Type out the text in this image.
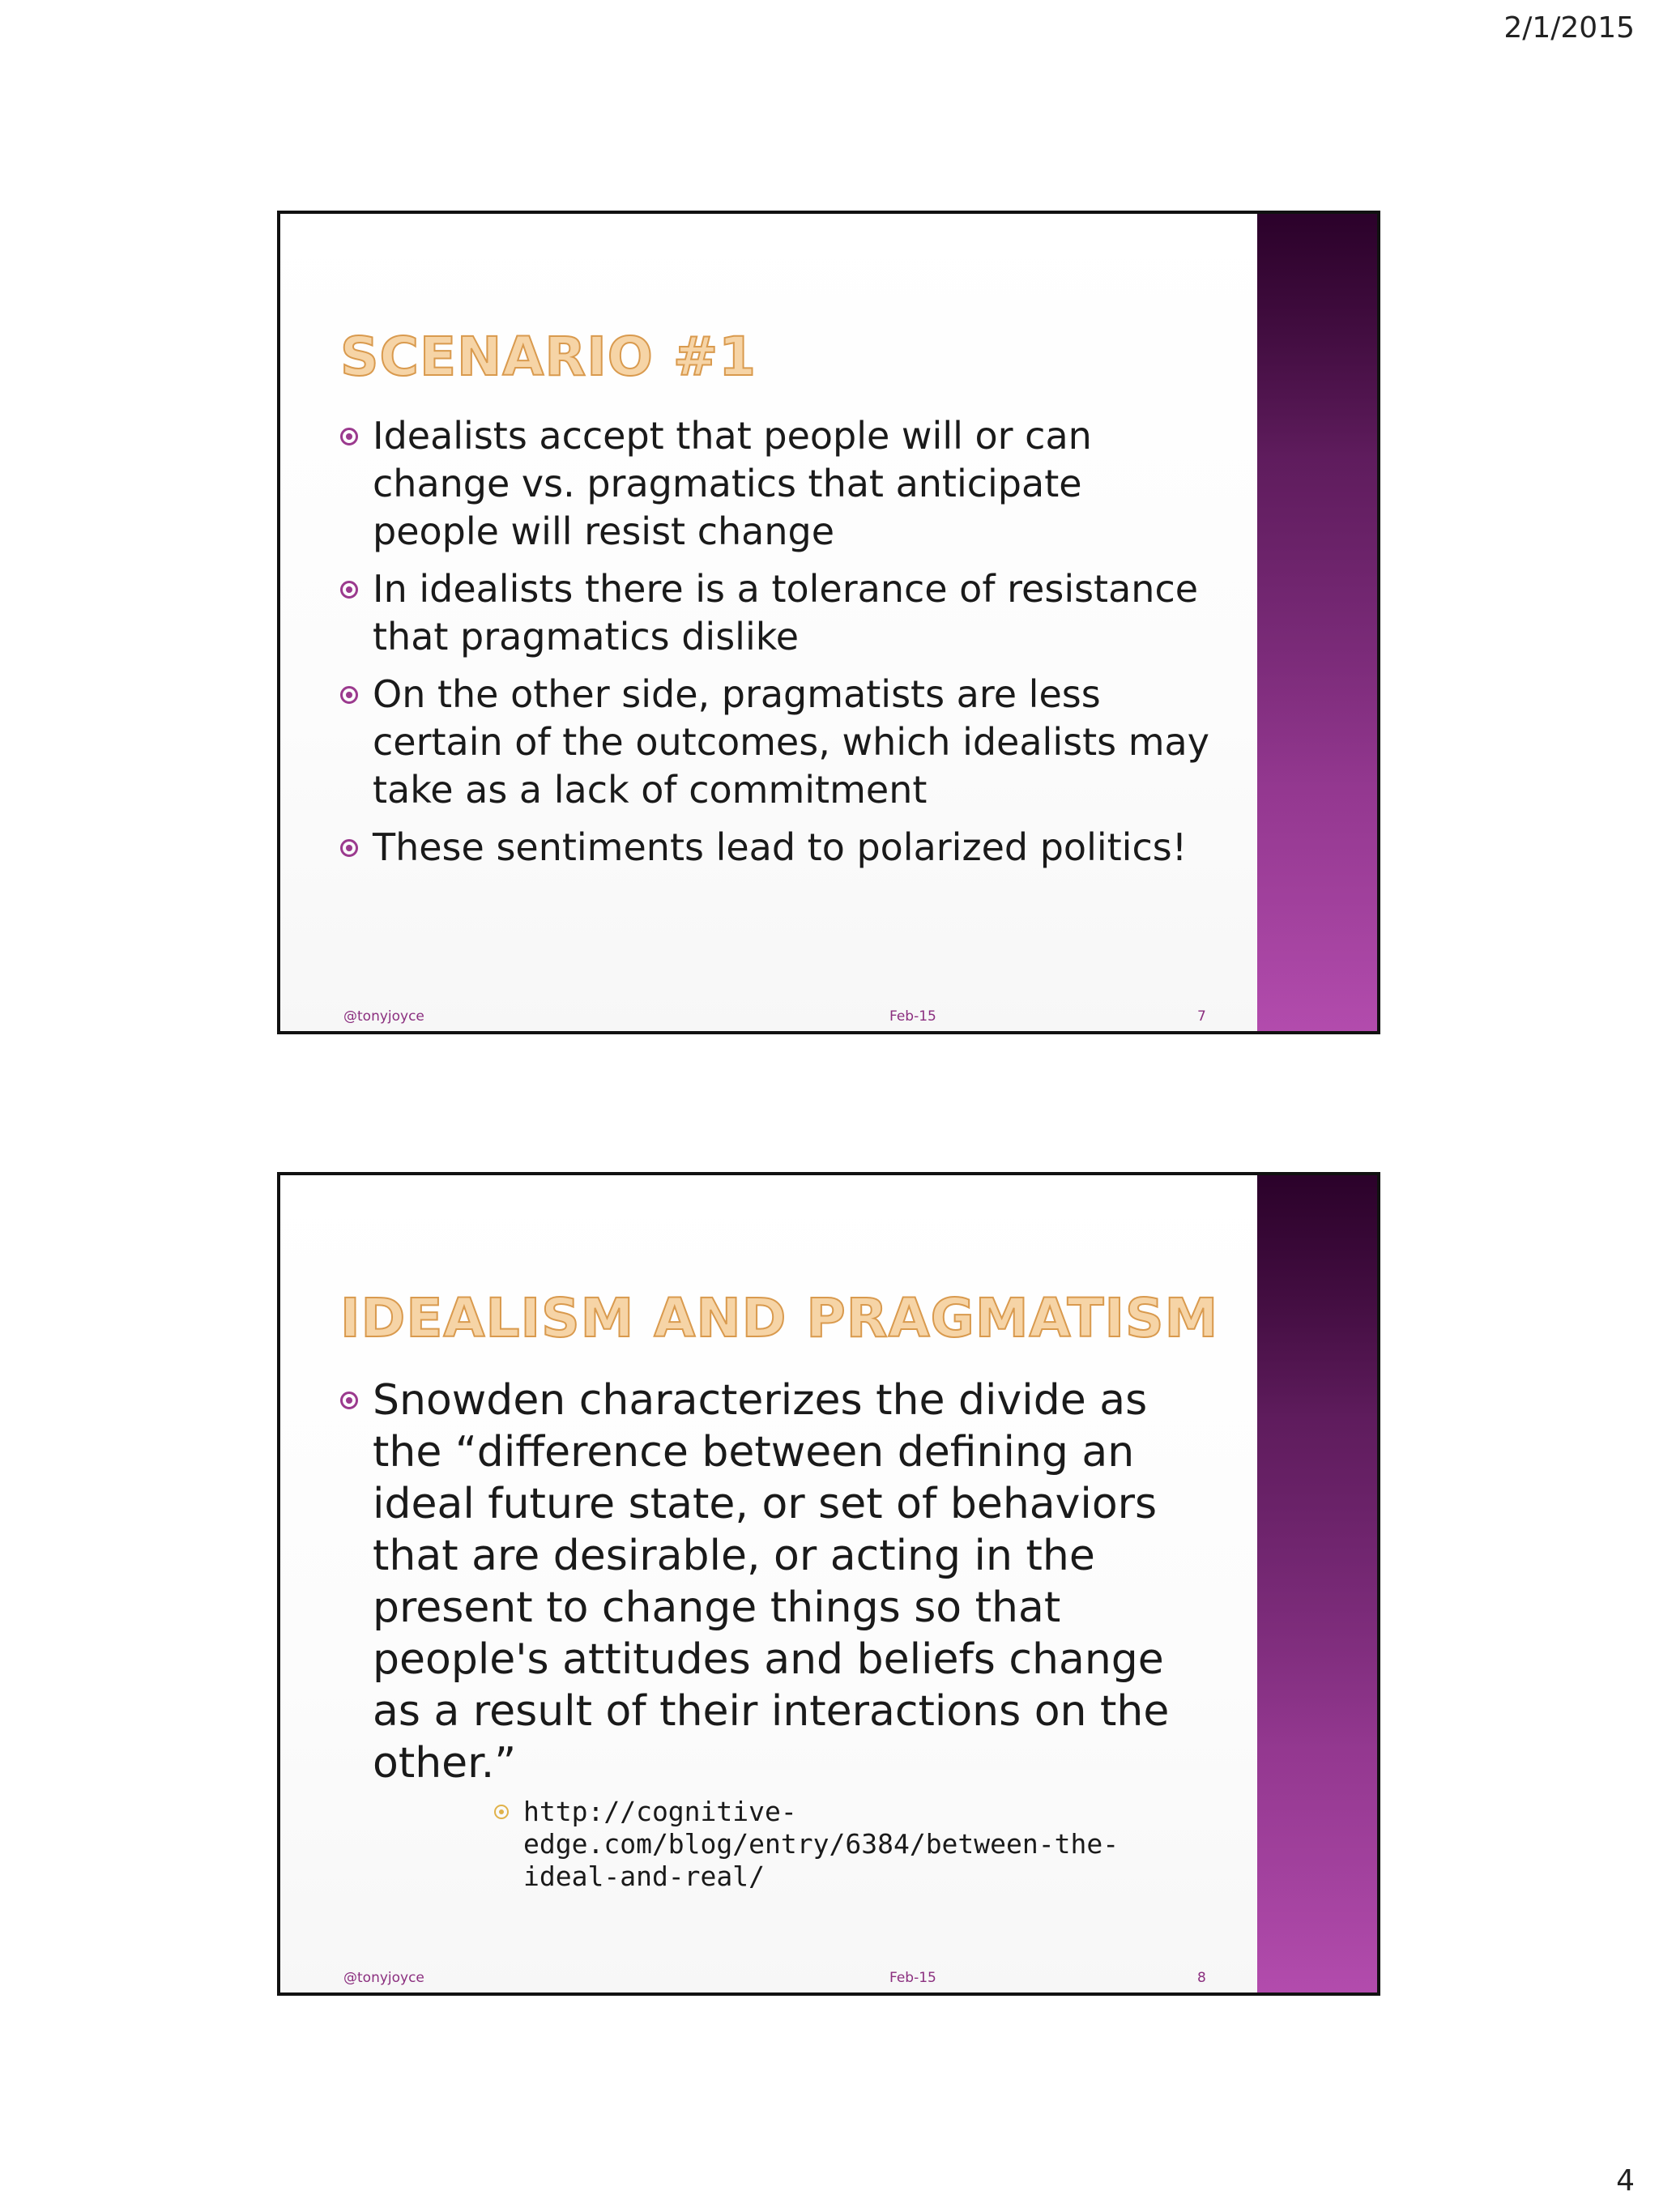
2/1/2015
SCENARIO #1
Idealists accept that people will or can change vs. pragmatics that anticipate people will resist change
In idealists there is a tolerance of resistance that pragmatics dislike
On the other side, pragmatists are less certain of the outcomes, which idealists may take as a lack of commitment
These sentiments lead to polarized politics!
@tonyjoyce	Feb-15	7
IDEALISM AND PRAGMATISM
Snowden characterizes the divide as the “difference between defining an ideal future state, or set of behaviors that are desirable, or acting in the present to change things so that people's attitudes and beliefs change as a result of their interactions on the other.”
http://cognitive-edge.com/blog/entry/6384/between-the-ideal-and-real/
@tonyjoyce	Feb-15	8
4
